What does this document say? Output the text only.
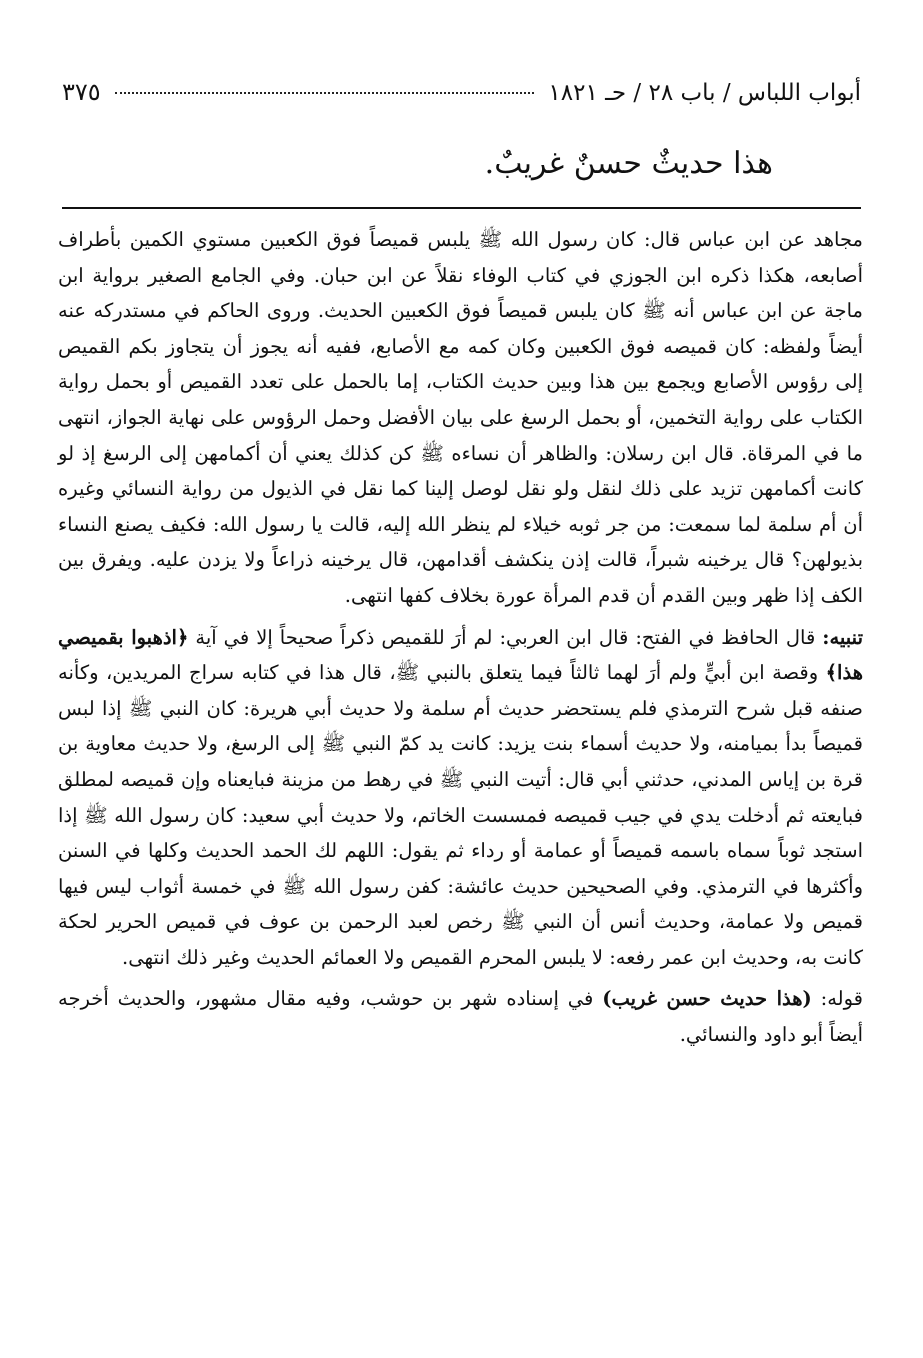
أبواب اللباس / باب ٢٨ / حـ ١٨٢١
٣٧٥
هذا حديثٌ حسنٌ غريبٌ.

مجاهد عن ابن عباس قال: كان رسول الله ﷺ يلبس قميصاً فوق الكعبين مستوي الكمين بأطراف أصابعه، هكذا ذكره ابن الجوزي في كتاب الوفاء نقلاً عن ابن حبان. وفي الجامع الصغير برواية ابن ماجة عن ابن عباس أنه ﷺ كان يلبس قميصاً فوق الكعبين الحديث. وروى الحاكم في مستدركه عنه أيضاً ولفظه: كان قميصه فوق الكعبين وكان كمه مع الأصابع، ففيه أنه يجوز أن يتجاوز بكم القميص إلى رؤوس الأصابع ويجمع بين هذا وبين حديث الكتاب، إما بالحمل على تعدد القميص أو بحمل رواية الكتاب على رواية التخمين، أو بحمل الرسغ على بيان الأفضل وحمل الرؤوس على نهاية الجواز، انتهى ما في المرقاة. قال ابن رسلان: والظاهر أن نساءه ﷺ كن كذلك يعني أن أكمامهن إلى الرسغ إذ لو كانت أكمامهن تزيد على ذلك لنقل ولو نقل لوصل إلينا كما نقل في الذيول من رواية النسائي وغيره أن أم سلمة لما سمعت: من جر ثوبه خيلاء لم ينظر الله إليه، قالت يا رسول الله: فكيف يصنع النساء بذيولهن؟ قال يرخينه شبراً، قالت إذن ينكشف أقدامهن، قال يرخينه ذراعاً ولا يزدن عليه. ويفرق بين الكف إذا ظهر وبين القدم أن قدم المرأة عورة بخلاف كفها انتهى.

تنبيه: قال الحافظ في الفتح: قال ابن العربي: لم أرَ للقميص ذكراً صحيحاً إلا في آية ﴿اذهبوا بقميصي هذا﴾ وقصة ابن أبيٍّ ولم أرَ لهما ثالثاً فيما يتعلق بالنبي ﷺ، قال هذا في كتابه سراج المريدين، وكأنه صنفه قبل شرح الترمذي فلم يستحضر حديث أم سلمة ولا حديث أبي هريرة: كان النبي ﷺ إذا لبس قميصاً بدأ بميامنه، ولا حديث أسماء بنت يزيد: كانت يد كمّ النبي ﷺ إلى الرسغ، ولا حديث معاوية بن قرة بن إياس المدني، حدثني أبي قال: أتيت النبي ﷺ في رهط من مزينة فبايعناه وإن قميصه لمطلق فبايعته ثم أدخلت يدي في جيب قميصه فمسست الخاتم، ولا حديث أبي سعيد: كان رسول الله ﷺ إذا استجد ثوباً سماه باسمه قميصاً أو عمامة أو رداء ثم يقول: اللهم لك الحمد الحديث وكلها في السنن وأكثرها في الترمذي. وفي الصحيحين حديث عائشة: كفن رسول الله ﷺ في خمسة أثواب ليس فيها قميص ولا عمامة، وحديث أنس أن النبي ﷺ رخص لعبد الرحمن بن عوف في قميص الحرير لحكة كانت به، وحديث ابن عمر رفعه: لا يلبس المحرم القميص ولا العمائم الحديث وغير ذلك انتهى.

قوله: (هذا حديث حسن غريب) في إسناده شهر بن حوشب، وفيه مقال مشهور، والحديث أخرجه أيضاً أبو داود والنسائي.
